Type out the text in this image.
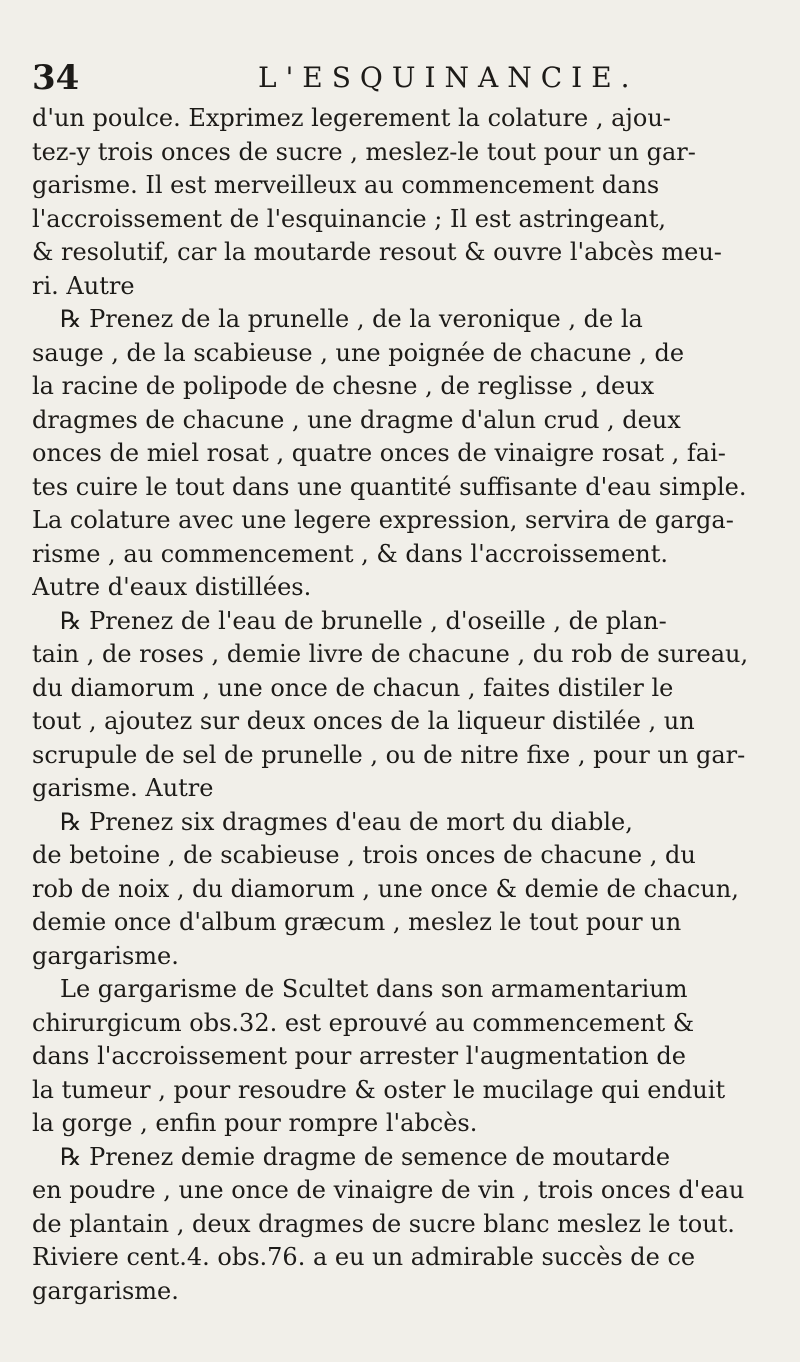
34	L'ESQUINANCIE.
d'un poulce. Exprimez legerement la colature , ajou-
tez-y trois onces de sucre , meslez-le tout pour un gar-
garisme. Il est merveilleux au commencement dans
l'accroissement de l'esquinancie ; Il est astringeant,
& resolutif, car la moutarde resout & ouvre l'abcès meu-
ri. Autre
℞ Prenez de la prunelle , de la veronique , de la
sauge , de la scabieuse , une poignée de chacune , de
la racine de polipode de chesne , de reglisse , deux
dragmes de chacune , une dragme d'alun crud , deux
onces de miel rosat , quatre onces de vinaigre rosat , fai-
tes cuire le tout dans une quantité suffisante d'eau simple.
La colature avec une legere expression, servira de garga-
risme , au commencement , & dans l'accroissement.
Autre d'eaux distillées.
℞ Prenez de l'eau de brunelle , d'oseille , de plan-
tain , de roses , demie livre de chacune , du rob de sureau,
du diamorum , une once de chacun , faites distiler le
tout , ajoutez sur deux onces de la liqueur distilée , un
scrupule de sel de prunelle , ou de nitre fixe , pour un gar-
garisme. Autre
℞ Prenez six dragmes d'eau de mort du diable,
de betoine , de scabieuse , trois onces de chacune , du
rob de noix , du diamorum , une once & demie de chacun,
demie once d'album græcum , meslez le tout pour un
gargarisme.
Le gargarisme de Scultet dans son armamentarium
chirurgicum obs.32. est eprouvé au commencement &
dans l'accroissement pour arrester l'augmentation de
la tumeur , pour resoudre & oster le mucilage qui enduit
la gorge , enfin pour rompre l'abcès.
℞ Prenez demie dragme de semence de moutarde
en poudre , une once de vinaigre de vin , trois onces d'eau
de plantain , deux dragmes de sucre blanc meslez le tout.
Riviere cent.4. obs.76. a eu un admirable succès de ce
gargarisme.
